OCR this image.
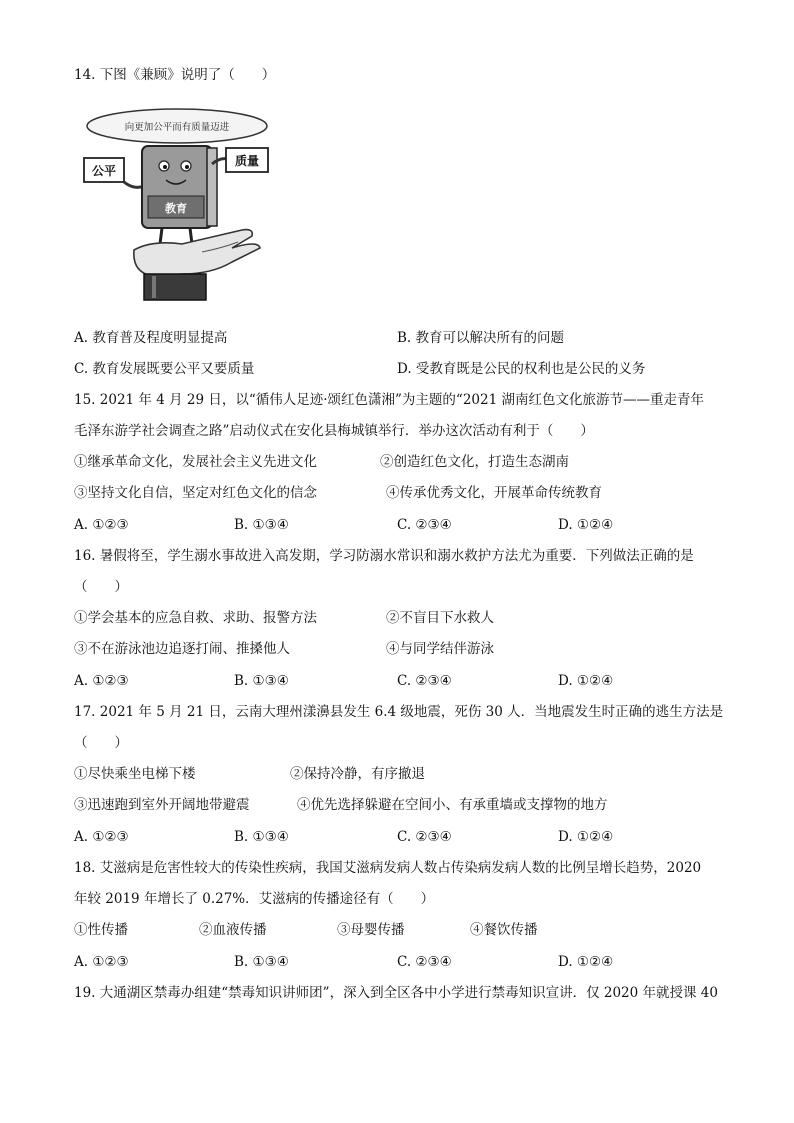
14. 下图《兼顾》说明了（　　）
向更加公平而有质量迈进
公平
教育
质量
A. 教育普及程度明显提高	B. 教育可以解决所有的问题
C. 教育发展既要公平又要质量	D. 受教育既是公民的权利也是公民的义务
15. 2021 年 4 月 29 日，以“循伟人足迹·颂红色潇湘”为主题的“2021 湖南红色文化旅游节——重走青年
毛泽东游学社会调查之路”启动仪式在安化县梅城镇举行．举办这次活动有利于（　　）
①继承革命文化，发展社会主义先进文化	②创造红色文化，打造生态湖南
③坚持文化自信，坚定对红色文化的信念	④传承优秀文化，开展革命传统教育
A. ①②③	B. ①③④	C. ②③④	D. ①②④
16. 暑假将至，学生溺水事故进入高发期，学习防溺水常识和溺水救护方法尤为重要．下列做法正确的是
（　　）
①学会基本的应急自救、求助、报警方法	②不盲目下水救人
③不在游泳池边追逐打闹、推搡他人	④与同学结伴游泳
A. ①②③	B. ①③④	C. ②③④	D. ①②④
17. 2021 年 5 月 21 日，云南大理州漾濞县发生 6.4 级地震，死伤 30 人．当地震发生时正确的逃生方法是
（　　）
①尽快乘坐电梯下楼	②保持冷静，有序撤退
③迅速跑到室外开阔地带避震	④优先选择躲避在空间小、有承重墙或支撑物的地方
A. ①②③	B. ①③④	C. ②③④	D. ①②④
18. 艾滋病是危害性较大的传染性疾病，我国艾滋病发病人数占传染病发病人数的比例呈增长趋势，2020
年较 2019 年增长了 0.27%．艾滋病的传播途径有（　　）
①性传播	②血液传播	③母婴传播	④餐饮传播
A. ①②③	B. ①③④	C. ②③④	D. ①②④
19. 大通湖区禁毒办组建“禁毒知识讲师团”，深入到全区各中小学进行禁毒知识宣讲．仅 2020 年就授课 40
